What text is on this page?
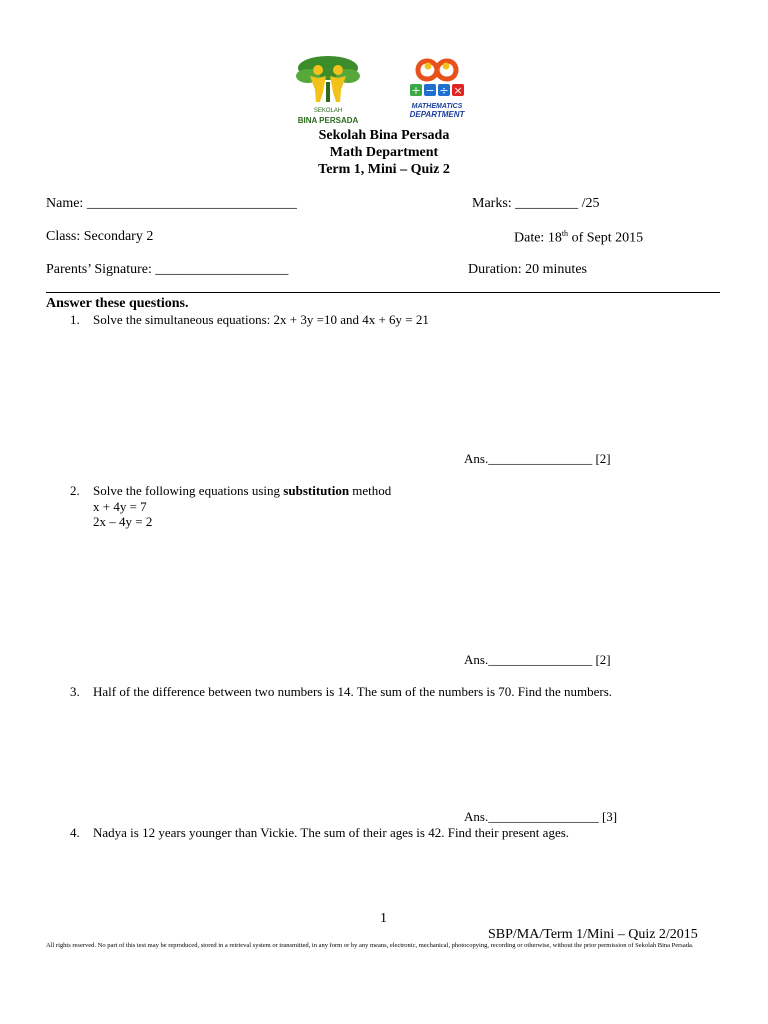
SEKOLAH
BINA PERSADA
+ − ÷ ×
MATHEMATICS
DEPARTMENT
Sekolah Bina Persada
Math Department
Term 1, Mini – Quiz 2
Name: ______________________________	Marks: _________ /25
Class: Secondary 2	Date: 18th of Sept 2015
Parents’ Signature: ___________________	Duration: 20 minutes
Answer these questions.
1. Solve the simultaneous equations: 2x + 3y =10 and 4x + 6y = 21
Ans.________________ [2]
2. Solve the following equations using substitution method
x + 4y = 7
2x – 4y = 2
Ans.________________ [2]
3. Half of the difference between two numbers is 14. The sum of the numbers is 70. Find the numbers.
Ans._________________ [3]
4. Nadya is 12 years younger than Vickie. The sum of their ages is 42. Find their present ages.
1
SBP/MA/Term 1/Mini – Quiz 2/2015
All rights reserved. No part of this test may be reproduced, stored in a retrieval system or transmitted, in any form or by any means, electronic, mechanical, photocopying, recording or otherwise, without the prior permission of Sekolah Bina Persada.
